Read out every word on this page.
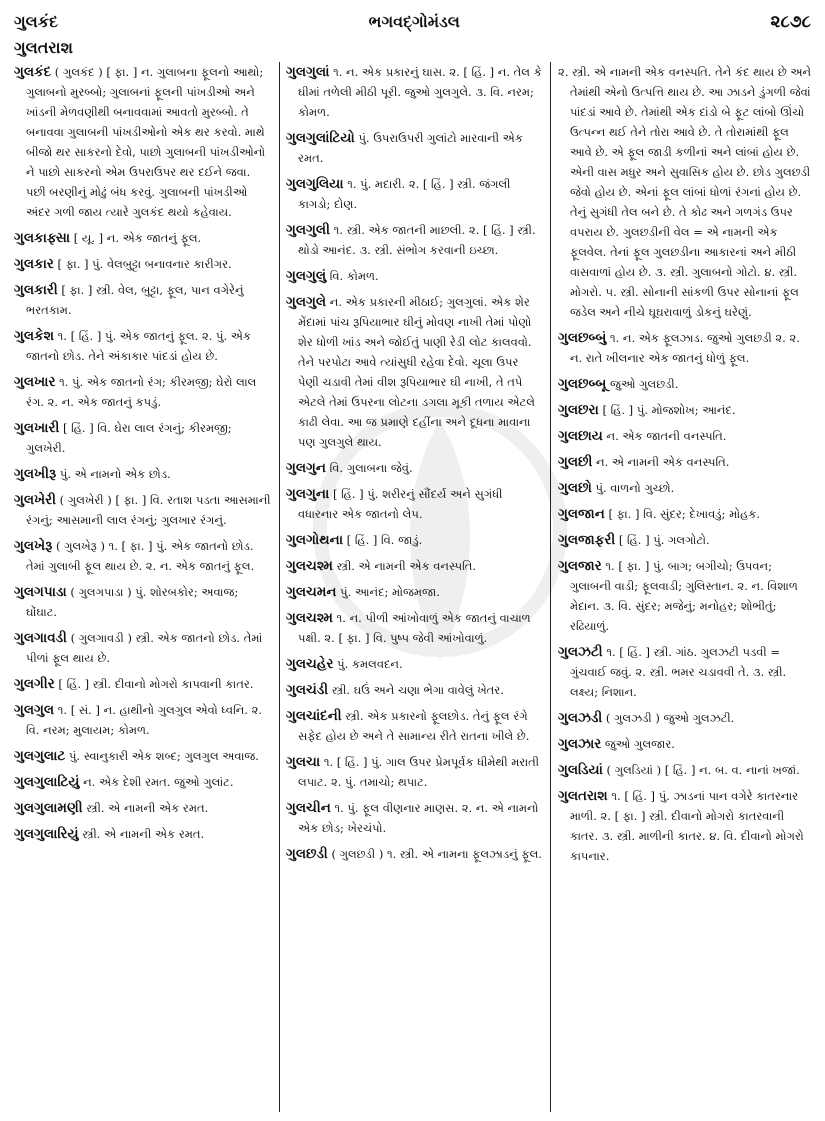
ગુલકંદ	ભગવદ્ગોમંડલ	૨૮૭૮
ગુલતરાશ
ગુલકંદ ( ગુલકંદ ) [ ફા. ] ન. ગુલાબના ફૂલનો આથો; ગુલાબનો મુરબ્બો; ગુલાબનાં ફૂલની પાંખડીઓ અને ખાંડની મેળવણીથી બનાવવામાં આવતો મુરબ્બો. તે બનાવવા ગુલાબની પાંખડીઓનો એક થર કરવો. માથે બીજો થર સાકરનો દેવો, પાછો ગુલાબની પાંખડીઓનો ને પાછો સાકરનો એમ ઉપરાઉપર થર દઈને જવા. પછી બરણીનું મોઢું બંધ કરવું. ગુલાબની પાંખડીઓ અંદર ગળી જાય ત્યારે ગુલકંદ થયો કહેવાય.
ગુલકાફ્સા [ યૂ. ] ન. એક જાતનું ફૂલ.
ગુલકાર [ ફા. ] પું. વેલબુટ્ટા બનાવનાર કારીગર.
ગુલકારી [ ફા. ] સ્ત્રી. વેલ, બુટ્ટા, ફૂલ, પાન વગેરેનું ભરતકામ.
ગુલકેશ ૧. [ હિં. ] પું. એક જાતનું ફૂલ. ૨. પું. એક જાતનો છોડ. તેને અંકાકાર પાંદડાં હોય છે.
ગુલખાર ૧. પું. એક જાતનો રંગ; કીરમજી; ઘેરો લાલ રંગ. ૨. ન. એક જાતનું કપડું.
ગુલખારી [ હિં. ] વિ. ઘેરા લાલ રંગનું; કીરમજી; ગુલખેરી.
ગુલખીરૂ પું. એ નામનો એક છોડ.
ગુલખેરી ( ગુલખેરી ) [ ફા. ] વિ. રતાશ પડતા આસમાની રંગનું; આસમાની લાલ રંગનું; ગુલખાર રંગનું.
ગુલખેરૂ ( ગુલખેરૂ ) ૧. [ ફા. ] પું. એક જાતનો છોડ. તેમાં ગુલાબી ફૂલ થાય છે. ૨. ન. એક જાતનું ફૂલ.
ગુલગપાડા ( ગુલગપાડા ) પું. શોરબકોર; અવાજ; ઘોંઘાટ.
ગુલગાવડી ( ગુલગાવડી ) સ્ત્રી. એક જાતનો છોડ. તેમાં પીળાં ફૂલ થાય છે.
ગુલગીર [ હિં. ] સ્ત્રી. દીવાનો મોગરો કાપવાની કાતર.
ગુલગુલ ૧. [ સં. ] ન. હાથીનો ગુલગુલ એવો ધ્વનિ. ૨. વિ. નરમ; મુલાયમ; કોમળ.
ગુલગુલાટ પું. સ્વાનુકારી એક શબ્દ; ગુલગુલ અવાજ.
ગુલગુલાટિયું ન. એક દેશી રમત. જુઓ ગુલાંટ.
ગુલગુલામણી સ્ત્રી. એ નામની એક રમત.
ગુલગુલારિયું સ્ત્રી. એ નામની એક રમત.
ગુલગુલાં ૧. ન. એક પ્રકારનું ઘાસ. ૨. [ હિં. ] ન. તેલ કે ઘીમાં તળેલી મીઠી પૂરી. જુઓ ગુલગુલે. ૩. વિ. નરમ; કોમળ.
ગુલગુલાંટિયો પું. ઉપરાઉપરી ગુલાંટો મારવાની એક રમત.
ગુલગુલિયા ૧. પું. મદારી. ૨. [ હિં. ] સ્ત્રી. જંગલી કાગડો; દોણ.
ગુલગુલી ૧. સ્ત્રી. એક જાતની માછલી. ૨. [ હિં. ] સ્ત્રી. થોડો આનંદ. ૩. સ્ત્રી. સંભોગ કરવાની ઇચ્છા.
ગુલગુલું વિ. કોમળ.
ગુલગુલે ન. એક પ્રકારની મીઠાઈ; ગુલગુલાં. એક શેર મેંદામાં પાંચ રૂપિયાભાર ઘીનું મોવણ નાખી તેમાં પોણો શેર ધોળી ખાંડ અને જોઈતું પાણી રેડી લોટ કાલવવો. તેને પરપોટા આવે ત્યાંસુધી રહેવા દેવો. ચૂલા ઉપર પેણી ચડાવી તેમાં વીશ રૂપિયાભાર ઘી નાખી, તે તપે એટલે તેમાં ઉપરના લોટના ડગલા મૂકી તળાય એટલે કાઢી લેવા. આ જ પ્રમાણે દહીંના અને દૂધના માવાના પણ ગુલગુલે થાય.
ગુલગુન વિ. ગુલાબના જેવું.
ગુલગુના [ હિં. ] પું. શરીરનું સૌંદર્ય અને સુગંધી વધારનાર એક જાતનો લેપ.
ગુલગોથના [ હિં. ] વિ. જાડું.
ગુલચશ્મ સ્ત્રી. એ નામની એક વનસ્પતિ.
ગુલચમન પું. આનંદ; મોજમજા.
ગુલચશ્મ ૧. ન. પીળી આંખોવાળું એક જાતનું વાચાળ પક્ષી. ૨. [ ફા. ] વિ. પુષ્પ જેવી આંખોવાળું.
ગુલચહેર પું. કમલવદન.
ગુલચંડી સ્ત્રી. ઘઉં અને ચણા ભેગા વાવેલું ખેતર.
ગુલચાંદની સ્ત્રી. એક પ્રકારનો ફૂલછોડ. તેનું ફૂલ રંગે સફેદ હોય છે અને તે સામાન્ય રીતે રાતના ખીલે છે.
ગુલચા ૧. [ હિં. ] પું. ગાલ ઉપર પ્રેમપૂર્વક ધીમેથી મરાતી લપાટ. ૨. પું. તમાચો; થપાટ.
ગુલચીન ૧. પું. ફૂલ વીણનાર માણસ. ૨. ન. એ નામનો એક છોડ; ખેરચંપો.
ગુલછડી ( ગુલછડી ) ૧. સ્ત્રી. એ નામના ફૂલઝાડનું ફૂલ.
૨. સ્ત્રી. એ નામની એક વનસ્પતિ. તેને કંદ થાય છે અને તેમાંથી એનો ઉત્પત્તિ થાય છે. આ ઝાડને ડુંગળી જેવાં પાંદડાં આવે છે. તેમાંથી એક દાંડો બે ફૂટ લાંબો ઊંચો ઉત્પન્ન થઈ તેને તોરા આવે છે. તે તોરામાંથી ફૂલ આવે છે. એ ફૂલ જાડી કળીનાં અને લાંબાં હોય છે. એની વાસ મધુર અને સુવાસિક હોય છે. છોડ ગુલછડી જેવો હોય છે. એનાં ફૂલ લાંબાં ધોળાં રંગનાં હોય છે. તેનું સુગંધી તેલ બને છે. તે કોઢ અને ગળગંડ ઉપર વપરાય છે. ગુલછડીની વેલ = એ નામની એક ફૂલવેલ. તેનાં ફૂલ ગુલછડીના આકારનાં અને મીઠી વાસવાળાં હોય છે. ૩. સ્ત્રી. ગુલાબનો ગોટો. ૪. સ્ત્રી. મોગરો. ૫. સ્ત્રી. સોનાની સાંકળી ઉપર સોનાનાં ફૂલ જડેલ અને નીચે ઘૂઘરાવાળું ડોકનું ઘરેણું.
ગુલછબ્બું ૧. ન. એક ફૂલઝાડ. જુઓ ગુલછડી ૨. ૨. ન. રાતે ખીલનાર એક જાતનું ધોળું ફૂલ.
ગુલછબ્બૂ જુઓ ગુલછડી.
ગુલછરા [ હિં. ] પું. મોજશોખ; આનંદ.
ગુલછાય ન. એક જાતની વનસ્પતિ.
ગુલછી ન. એ નામની એક વનસ્પતિ.
ગુલછો પું. વાળનો ગુચ્છો.
ગુલજાન [ ફા. ] વિ. સુંદર; દેખાવડું; મોહક.
ગુલજાફરી [ હિં. ] પું. ગલગોટો.
ગુલજાર ૧. [ ફા. ] પું. બાગ; બગીચો; ઉપવન; ગુલાબની વાડી; ફૂલવાડી; ગુલિસ્તાન. ૨. ન. વિશાળ મેદાન. ૩. વિ. સુંદર; મજેનું; મનોહર; શોભીતું; રઢિયાળું.
ગુલઝટી ૧. [ હિં. ] સ્ત્રી. ગાંઠ. ગુલઝટી પડવી = ગુંચવાઈ જવું. ૨. સ્ત્રી. ભમર ચડાવવી તે. ૩. સ્ત્રી. લક્ષ્ય; નિશાન.
ગુલઝડી ( ગુલઝડી ) જુઓ ગુલઝટી.
ગુલઝાર જુઓ ગુલજાર.
ગુલડિયાં ( ગુલડિયાં ) [ હિં. ] ન. બ. વ. નાનાં ખજાં.
ગુલતરાશ ૧. [ હિં. ] પું. ઝાડનાં પાન વગેરે કાતરનાર માળી. ૨. [ ફા. ] સ્ત્રી. દીવાનો મોગરો કાતરવાની કાતર. ૩. સ્ત્રી. માળીની કાતર. ૪. વિ. દીવાનો મોગરો કાપનાર.
